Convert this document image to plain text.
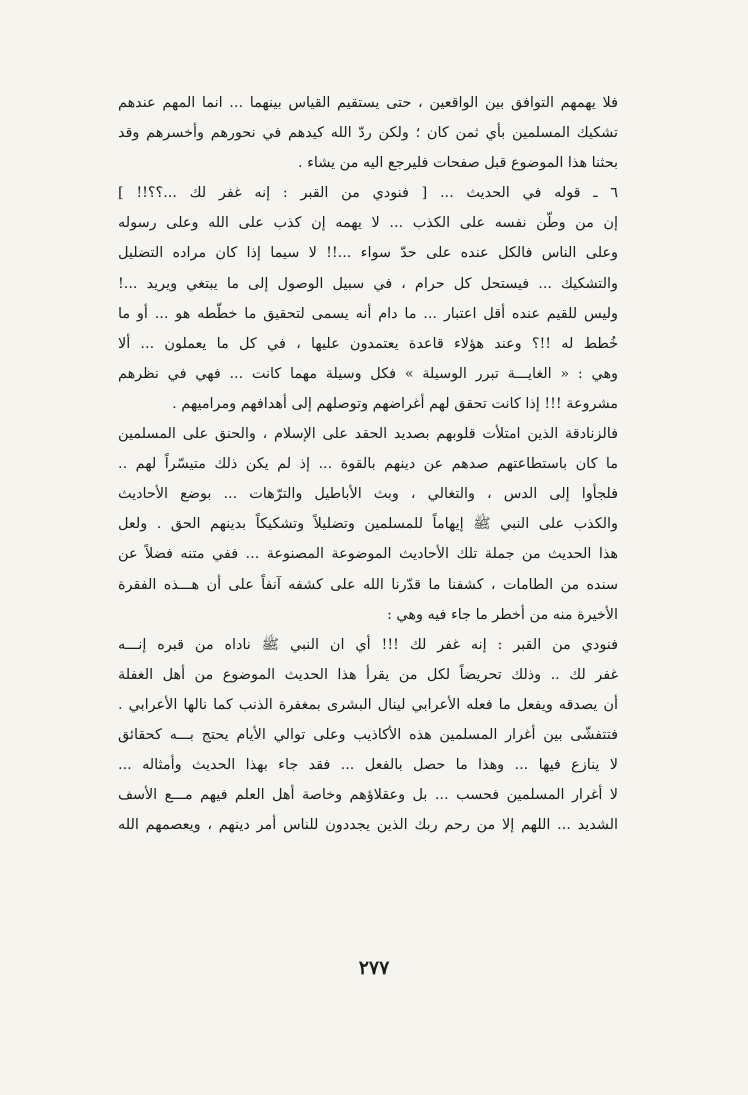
فلا يهمهم التوافق بين الواقعين ، حتى يستقيم القياس بينهما ... انما المهم عندهم
تشكيك المسلمين بأي ثمن كان ؛ ولكن ردّ الله كيدهم في نحورهم وأخسرهم وقد
بحثنا هذا الموضوع قبل صفحات فليرجع اليه من يشاء .
٦ ـ قوله في الحديث ... [ فنودي من القبر : إنه غفر لك ...؟؟!! ]
إن من وطّن نفسه على الكذب ... لا يهمه إن كذب على الله وعلى رسوله
وعلى الناس فالكل عنده على حدّ سواء ...!! لا سيما إذا كان مراده التضليل
والتشكيك ... فيستحل كل حرام ، في سبيل الوصول إلى ما يبتغي ويريد ...!
وليس للقيم عنده أقل اعتبار ... ما دام أنه يسمى لتحقيق ما خطّطه هو ... أو ما
خُطط له !!؟ وعند هؤلاء قاعدة يعتمدون عليها ، في كل ما يعملون ... ألا
وهي : « الغايـــة تبرر الوسيلة » فكل وسيلة مهما كانت ... فهي في نظرهم
مشروعة !!! إذا كانت تحقق لهم أغراضهم وتوصلهم إلى أهدافهم ومراميهم .
فالزنادقة الذين امتلأت قلوبهم بصديد الحقد على الإسلام ، والحنق على المسلمين
ما كان باستطاعتهم صدهم عن دينهم بالقوة ... إذ لم يكن ذلك متيسّراً لهم ..
فلجأوا إلى الدس ، والتغالي ، وبث الأباطيل والترّهات ... بوضع الأحاديث
والكذب على النبي ﷺ إيهاماً للمسلمين وتضليلاً وتشكيكاً بدينهم الحق . ولعل
هذا الحديث من جملة تلك الأحاديث الموضوعة المصنوعة ... ففي متنه فضلاً عن
سنده من الطامات ، كشفنا ما قدّرنا الله على كشفه آنفاً على أن هـــذه الفقرة
الأخيرة منه من أخطر ما جاء فيه وهي :
فنودي من القبر : إنه غفر لك !!! أي ان النبي ﷺ ناداه من قبره إنـــه
غفر لك .. وذلك تحريضاً لكل من يقرأ هذا الحديث الموضوع من أهل الغفلة
أن يصدقه ويفعل ما فعله الأعرابي لينال البشرى بمغفرة الذنب كما نالها الأعرابي .
فتتفشّى بين أغرار المسلمين هذه الأكاذيب وعلى توالي الأيام يحتج بـــه كحقائق
لا ينازع فيها ... وهذا ما حصل بالفعل ... فقد جاء بهذا الحديث وأمثاله ...
لا أغرار المسلمين فحسب ... بل وعقلاؤهم وخاصة أهل العلم فيهم مـــع الأسف
الشديد ... اللهم إلا من رحم ربك الذين يجددون للناس أمر دينهم ، ويعصمهم الله
٢٧٧
